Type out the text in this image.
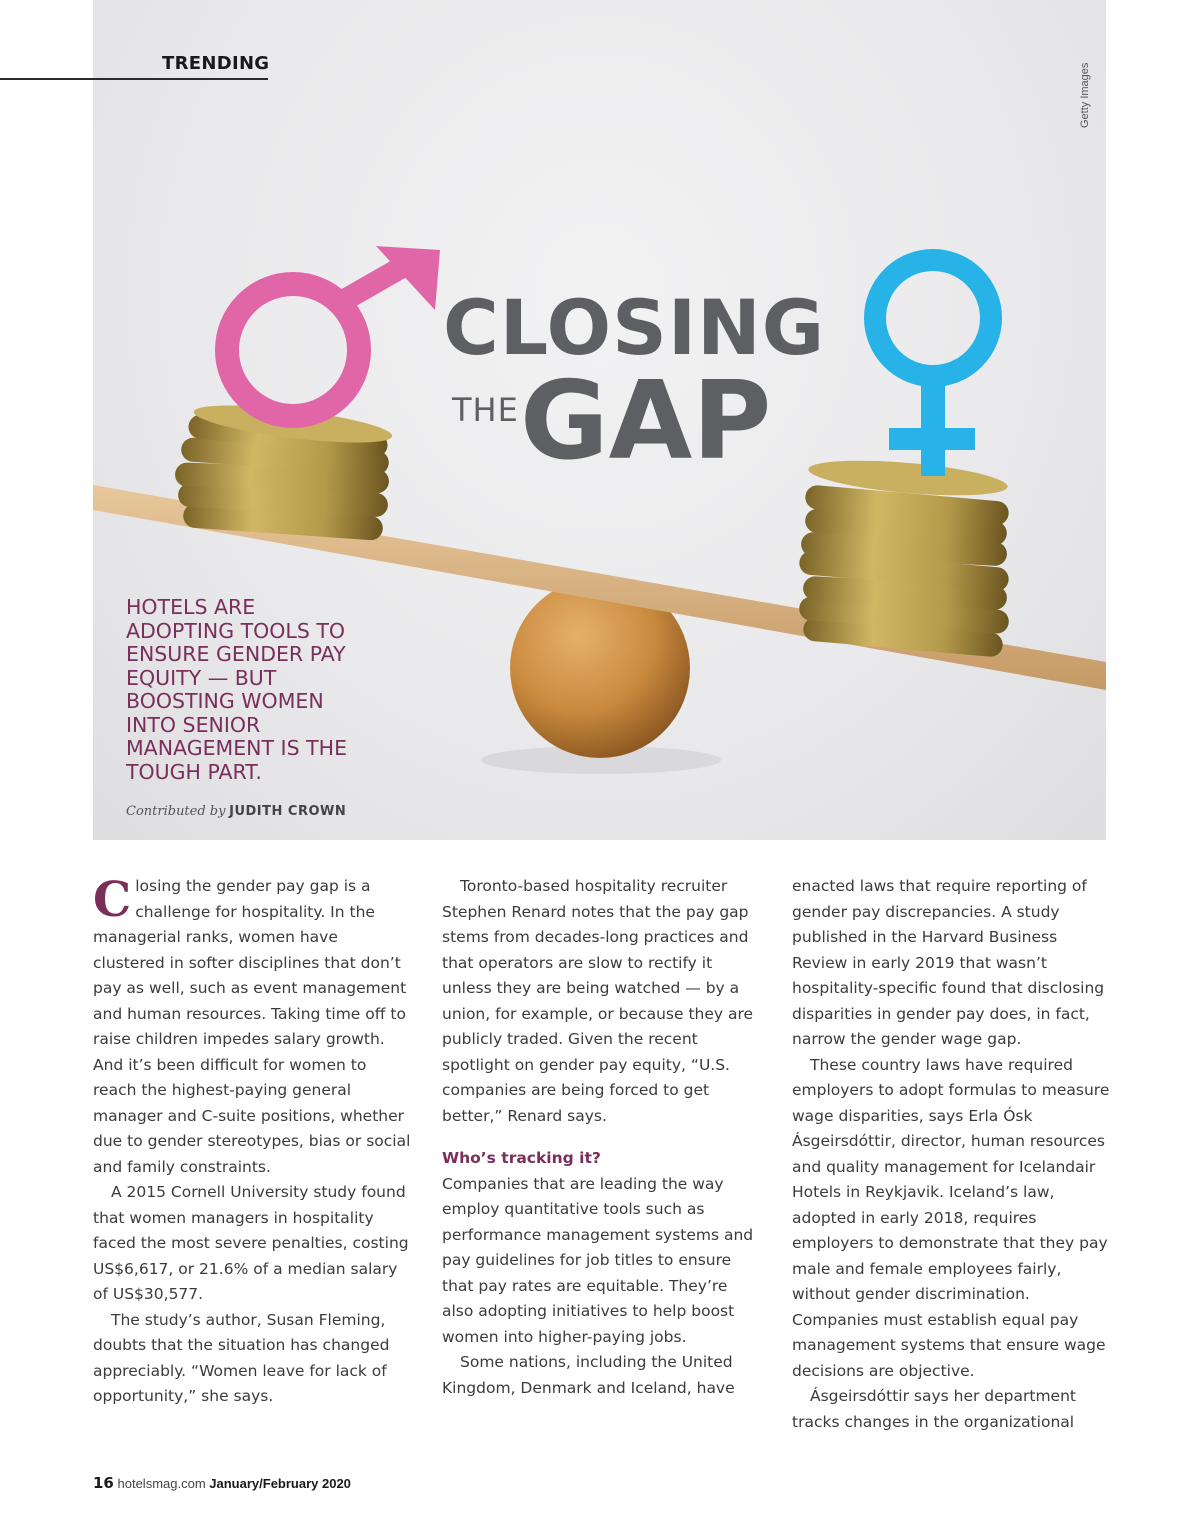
TRENDING	Getty Images
CLOSING
THE GAP
HOTELS ARE ADOPTING TOOLS TO ENSURE GENDER PAY EQUITY — BUT BOOSTING WOMEN INTO SENIOR MANAGEMENT IS THE TOUGH PART.
Contributed by JUDITH CROWN

Closing the gender pay gap is a challenge for hospitality. In the managerial ranks, women have clustered in softer disciplines that don’t pay as well, such as event management and human resources. Taking time off to raise children impedes salary growth. And it’s been difficult for women to reach the highest-paying general manager and C-suite positions, whether due to gender stereotypes, bias or social and family constraints.

A 2015 Cornell University study found that women managers in hospitality faced the most severe penalties, costing US$6,617, or 21.6% of a median salary of US$30,577.

The study’s author, Susan Fleming, doubts that the situation has changed appreciably. “Women leave for lack of opportunity,” she says.

Toronto-based hospitality recruiter Stephen Renard notes that the pay gap stems from decades-long practices and that operators are slow to rectify it unless they are being watched — by a union, for example, or because they are publicly traded. Given the recent spotlight on gender pay equity, “U.S. companies are being forced to get better,” Renard says.

Who’s tracking it?

Companies that are leading the way employ quantitative tools such as performance management systems and pay guidelines for job titles to ensure that pay rates are equitable. They’re also adopting initiatives to help boost women into higher-paying jobs.

Some nations, including the United Kingdom, Denmark and Iceland, have

enacted laws that require reporting of gender pay discrepancies. A study published in the Harvard Business Review in early 2019 that wasn’t hospitality-specific found that disclosing disparities in gender pay does, in fact, narrow the gender wage gap.

These country laws have required employers to adopt formulas to measure wage disparities, says Erla Ósk Ásgeirsdóttir, director, human resources and quality management for Icelandair Hotels in Reykjavik. Iceland’s law, adopted in early 2018, requires employers to demonstrate that they pay male and female employees fairly, without gender discrimination. Companies must establish equal pay management systems that ensure wage decisions are objective.

Ásgeirsdóttir says her department tracks changes in the organizational

16 hotelsmag.com January/February 2020
